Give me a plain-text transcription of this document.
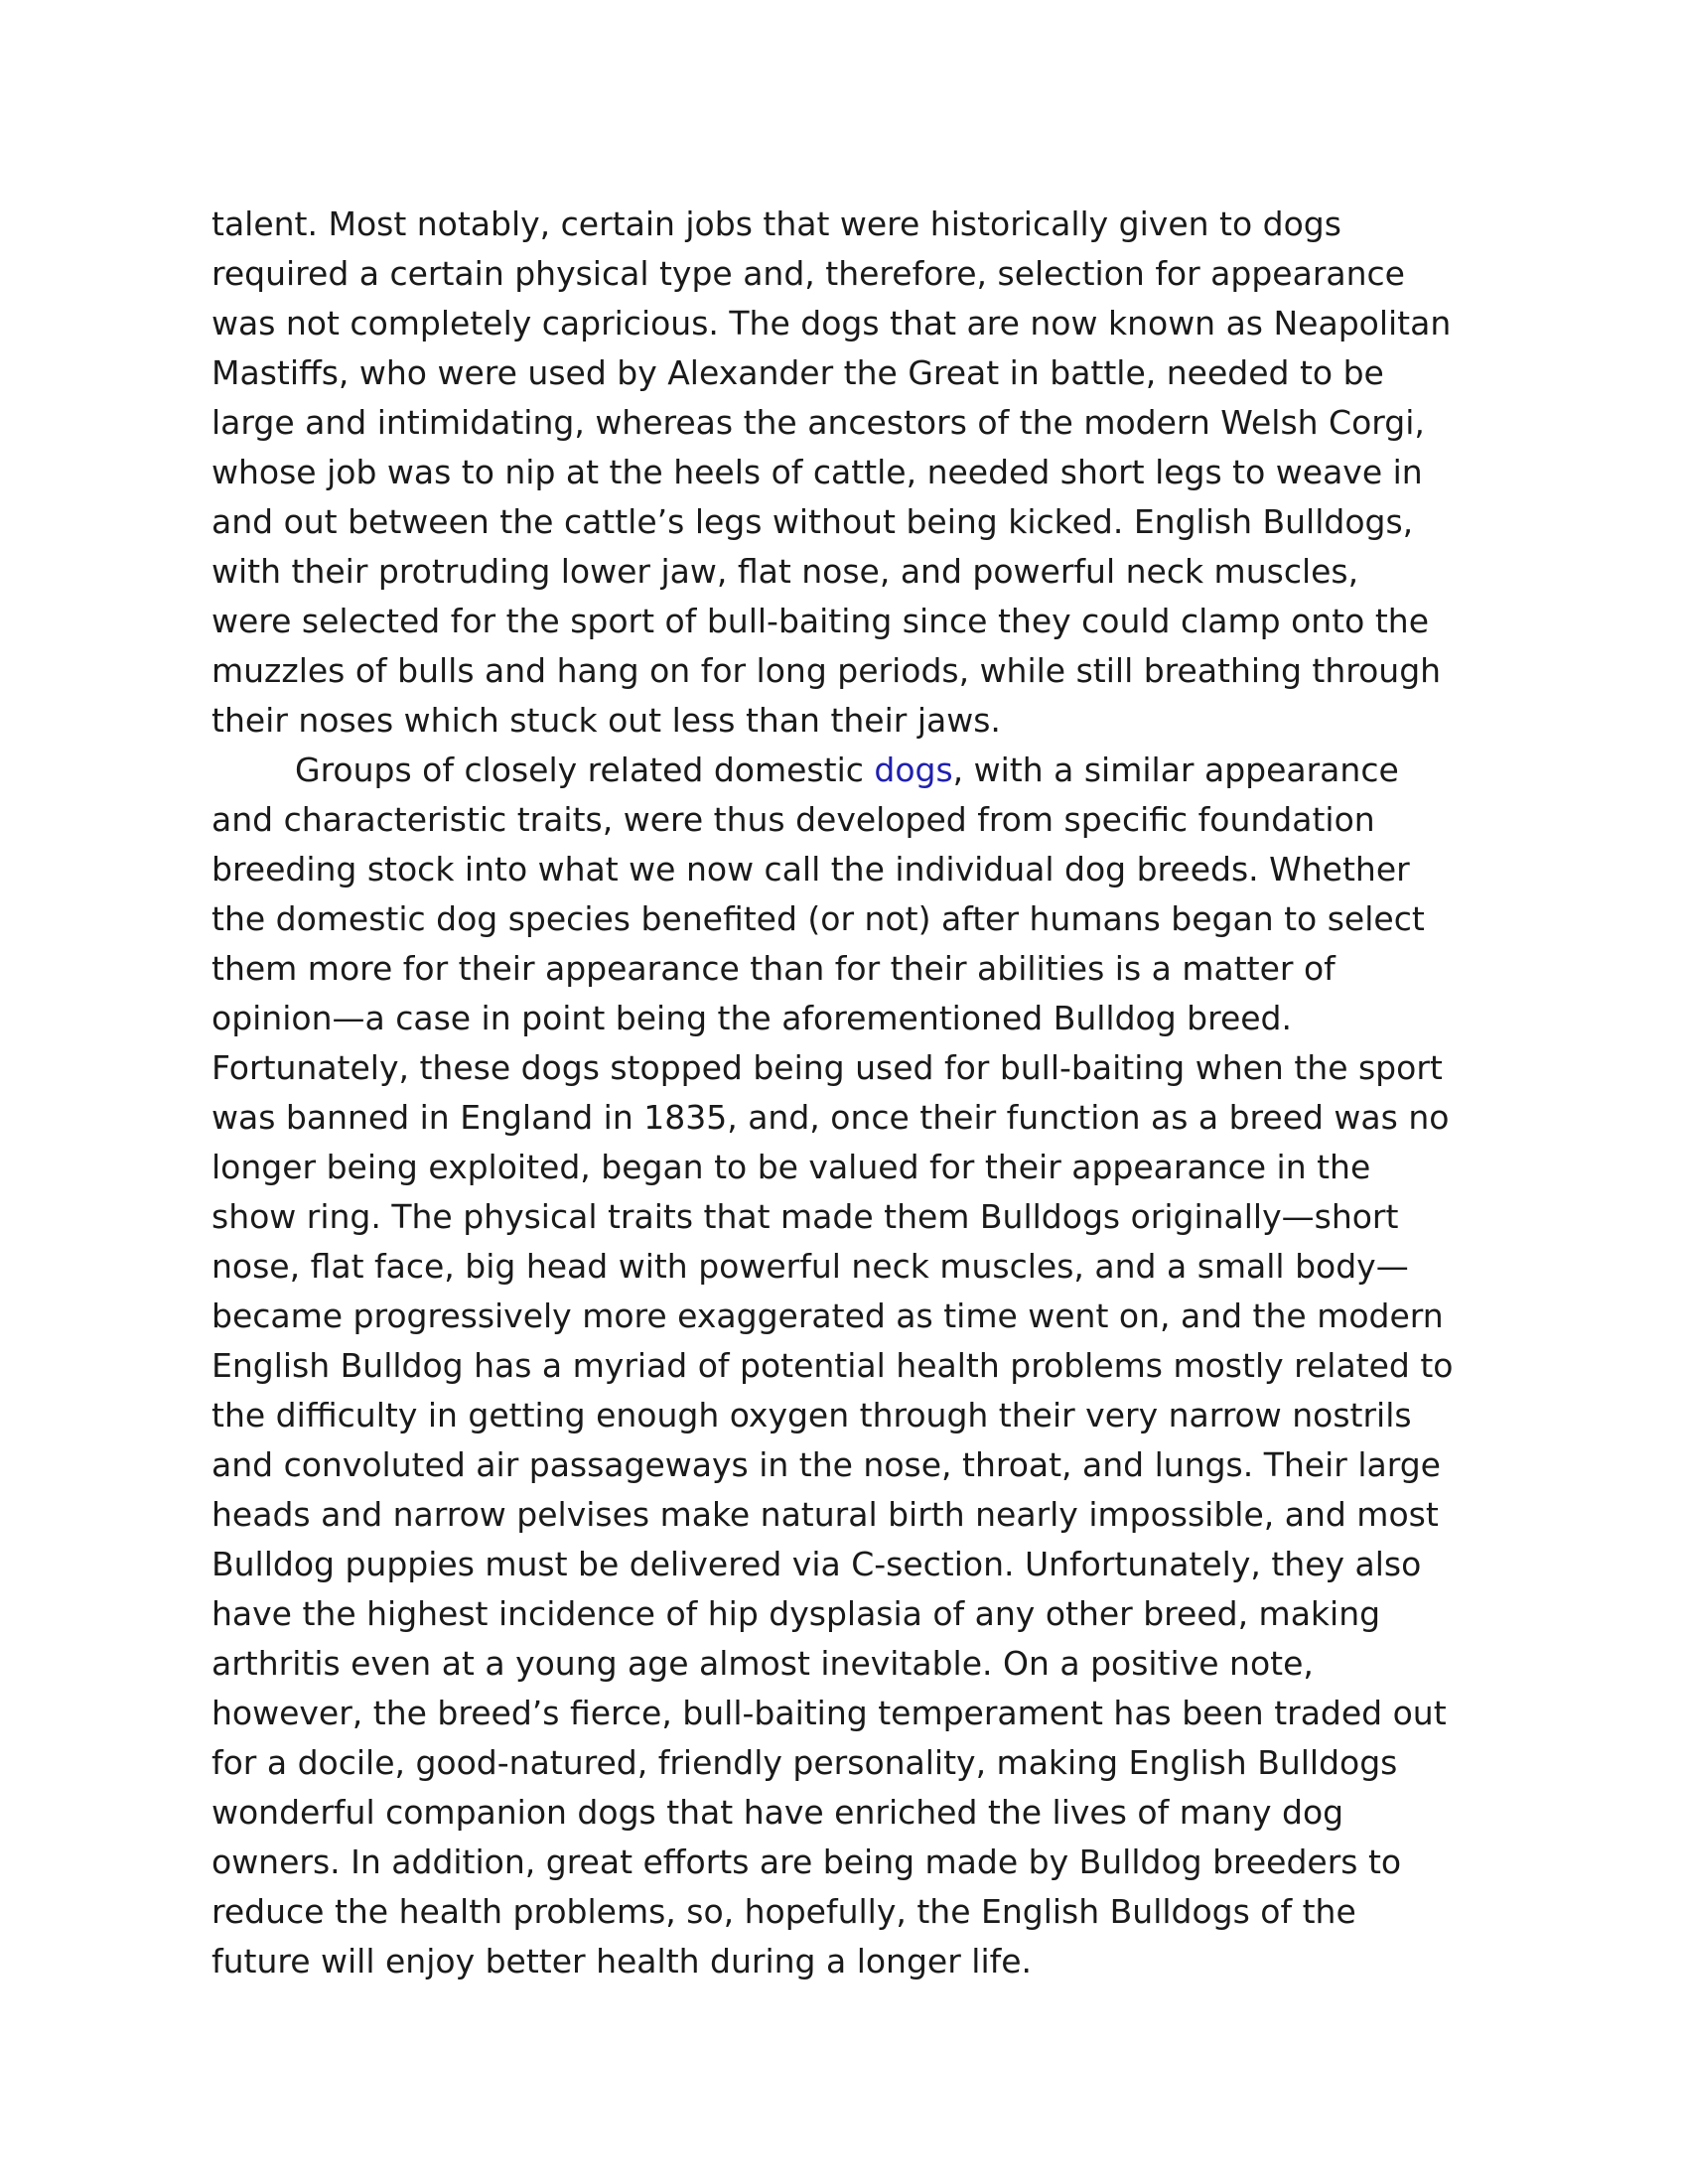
talent. Most notably, certain jobs that were historically given to dogs
required a certain physical type and, therefore, selection for appearance
was not completely capricious. The dogs that are now known as Neapolitan
Mastiffs, who were used by Alexander the Great in battle, needed to be
large and intimidating, whereas the ancestors of the modern Welsh Corgi,
whose job was to nip at the heels of cattle, needed short legs to weave in
and out between the cattle’s legs without being kicked. English Bulldogs,
with their protruding lower jaw, flat nose, and powerful neck muscles,
were selected for the sport of bull-baiting since they could clamp onto the
muzzles of bulls and hang on for long periods, while still breathing through
their noses which stuck out less than their jaws.
Groups of closely related domestic dogs, with a similar appearance
and characteristic traits, were thus developed from specific foundation
breeding stock into what we now call the individual dog breeds. Whether
the domestic dog species benefited (or not) after humans began to select
them more for their appearance than for their abilities is a matter of
opinion—a case in point being the aforementioned Bulldog breed.
Fortunately, these dogs stopped being used for bull-baiting when the sport
was banned in England in 1835, and, once their function as a breed was no
longer being exploited, began to be valued for their appearance in the
show ring. The physical traits that made them Bulldogs originally—short
nose, flat face, big head with powerful neck muscles, and a small body—
became progressively more exaggerated as time went on, and the modern
English Bulldog has a myriad of potential health problems mostly related to
the difficulty in getting enough oxygen through their very narrow nostrils
and convoluted air passageways in the nose, throat, and lungs. Their large
heads and narrow pelvises make natural birth nearly impossible, and most
Bulldog puppies must be delivered via C-section. Unfortunately, they also
have the highest incidence of hip dysplasia of any other breed, making
arthritis even at a young age almost inevitable. On a positive note,
however, the breed’s fierce, bull-baiting temperament has been traded out
for a docile, good-natured, friendly personality, making English Bulldogs
wonderful companion dogs that have enriched the lives of many dog
owners. In addition, great efforts are being made by Bulldog breeders to
reduce the health problems, so, hopefully, the English Bulldogs of the
future will enjoy better health during a longer life.
